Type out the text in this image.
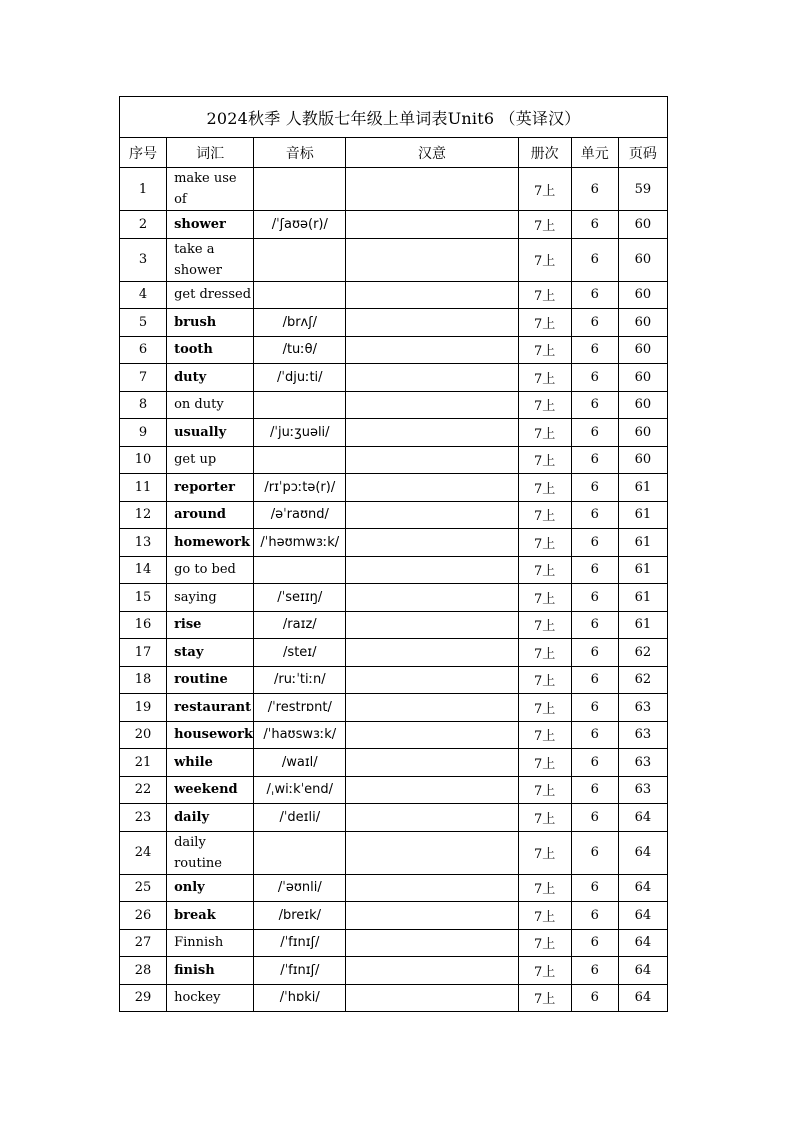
2024秋季 人教版七年级上单词表Unit6 （英译汉）						
序号	词汇	音标	汉意	册次	单元	页码
1	make use of			7上	6	59
2	shower	/ˈʃaʊə(r)/		7上	6	60
3	take a shower			7上	6	60
4	get dressed			7上	6	60
5	brush	/brʌʃ/		7上	6	60
6	tooth	/tuːθ/		7上	6	60
7	duty	/ˈdjuːti/		7上	6	60
8	on duty			7上	6	60
9	usually	/ˈjuːʒuəli/		7上	6	60
10	get up			7上	6	60
11	reporter	/rɪˈpɔːtə(r)/		7上	6	61
12	around	/əˈraʊnd/		7上	6	61
13	homework	/ˈhəʊmwɜːk/		7上	6	61
14	go to bed			7上	6	61
15	saying	/ˈseɪɪŋ/		7上	6	61
16	rise	/raɪz/		7上	6	61
17	stay	/steɪ/		7上	6	62
18	routine	/ruːˈtiːn/		7上	6	62
19	restaurant	/ˈrestrɒnt/		7上	6	63
20	housework	/ˈhaʊswɜːk/		7上	6	63
21	while	/waɪl/		7上	6	63
22	weekend	/ˌwiːkˈend/		7上	6	63
23	daily	/ˈdeɪli/		7上	6	64
24	daily routine			7上	6	64
25	only	/ˈəʊnli/		7上	6	64
26	break	/breɪk/		7上	6	64
27	Finnish	/ˈfɪnɪʃ/		7上	6	64
28	finish	/ˈfɪnɪʃ/		7上	6	64
29	hockey	/ˈhɒki/		7上	6	64
